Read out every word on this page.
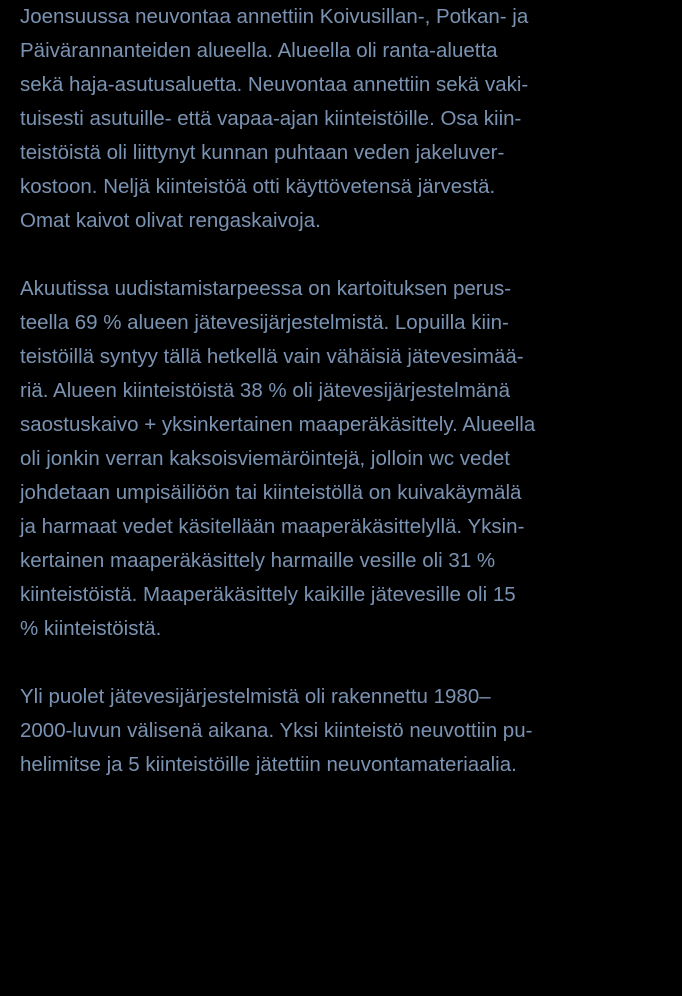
Joensuussa neuvontaa annettiin Koivusillan-, Potkan- ja
Päivärannanteiden alueella. Alueella oli ranta-aluetta
sekä haja-asutusaluetta. Neuvontaa annettiin sekä vaki-
tuisesti asutuille- että vapaa-ajan kiinteistöille. Osa kiin-
teistöistä oli liittynyt kunnan puhtaan veden jakeluver-
kostoon. Neljä kiinteistöä otti käyttövetensä järvestä.
Omat kaivot olivat rengaskaivoja.

Akuutissa uudistamistarpeessa on kartoituksen perus-
teella 69 % alueen jätevesijärjestelmistä. Lopuilla kiin-
teistöillä syntyy tällä hetkellä vain vähäisiä jätevesimää-
riä. Alueen kiinteistöistä 38 % oli jätevesijärjestelmänä
saostuskaivo + yksinkertainen maaperäkäsittely. Alueella
oli jonkin verran kaksoisviemäröintejä, jolloin wc vedet
johdetaan umpisäiliöön tai kiinteistöllä on kuivakäymälä
ja harmaat vedet käsitellään maaperäkäsittelyllä. Yksin-
kertainen maaperäkäsittely harmaille vesille oli 31 %
kiinteistöistä. Maaperäkäsittely kaikille jätevesille oli 15
% kiinteistöistä.

Yli puolet jätevesijärjestelmistä oli rakennettu 1980–
2000-luvun välisenä aikana. Yksi kiinteistö neuvottiin pu-
helimitse ja 5 kiinteistöille jätettiin neuvontamateriaalia.
